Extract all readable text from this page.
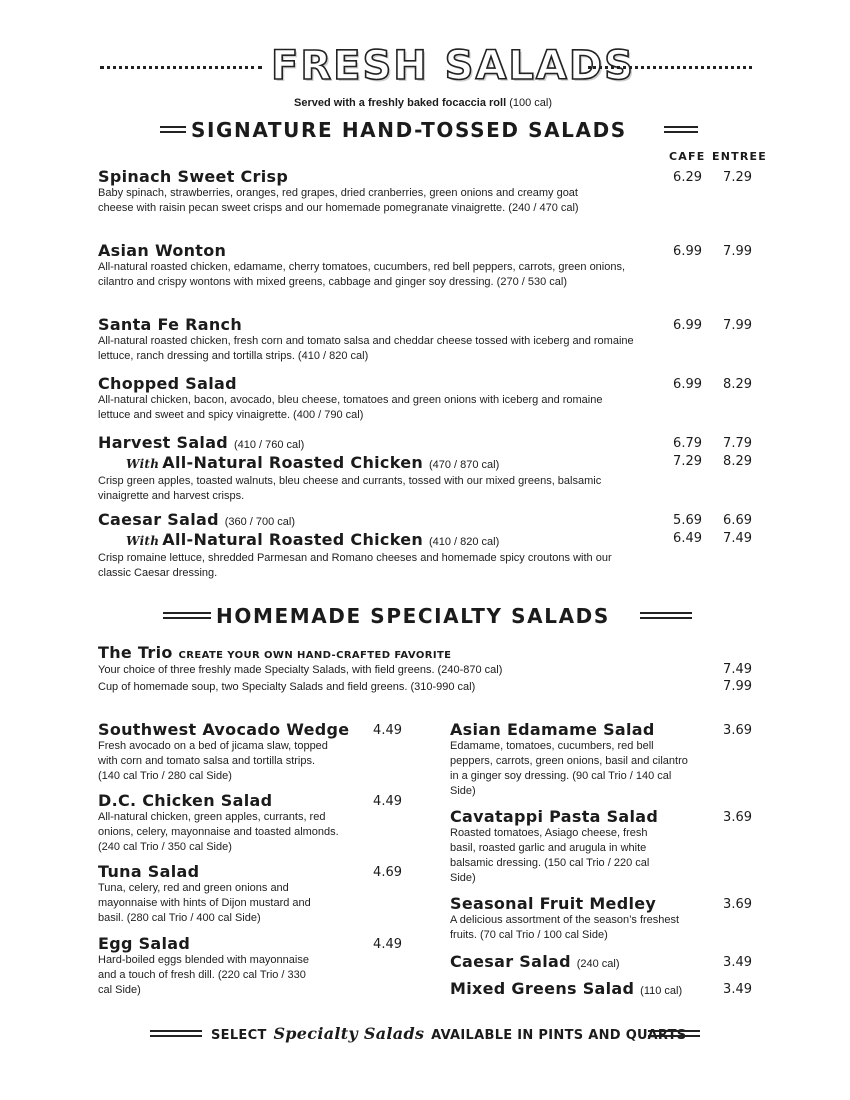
FRESH SALADS
Served with a freshly baked focaccia roll (100 cal)
SIGNATURE HAND-TOSSED SALADS
CAFE ENTREE
Spinach Sweet Crisp
Baby spinach, strawberries, oranges, red grapes, dried cranberries, green onions and creamy goat cheese with raisin pecan sweet crisps and our homemade pomegranate vinaigrette. (240 / 470 cal)
6.29	7.29
Asian Wonton
All-natural roasted chicken, edamame, cherry tomatoes, cucumbers, red bell peppers, carrots, green onions, cilantro and crispy wontons with mixed greens, cabbage and ginger soy dressing. (270 / 530 cal)
6.99	7.99
Santa Fe Ranch
All-natural roasted chicken, fresh corn and tomato salsa and cheddar cheese tossed with iceberg and romaine lettuce, ranch dressing and tortilla strips. (410 / 820 cal)
6.99	7.99
Chopped Salad
All-natural chicken, bacon, avocado, bleu cheese, tomatoes and green onions with iceberg and romaine lettuce and sweet and spicy vinaigrette. (400 / 790 cal)
6.99	8.29
Harvest Salad (410 / 760 cal)
With All-Natural Roasted Chicken (470 / 870 cal)
Crisp green apples, toasted walnuts, bleu cheese and currants, tossed with our mixed greens, balsamic vinaigrette and harvest crisps.
6.79	7.79
7.29	8.29
Caesar Salad (360 / 700 cal)
With All-Natural Roasted Chicken (410 / 820 cal)
Crisp romaine lettuce, shredded Parmesan and Romano cheeses and homemade spicy croutons with our classic Caesar dressing.
5.69	6.69
6.49	7.49
HOMEMADE SPECIALTY SALADS
The Trio CREATE YOUR OWN HAND-CRAFTED FAVORITE
Your choice of three freshly made Specialty Salads, with field greens. (240-870 cal)	7.49
Cup of homemade soup, two Specialty Salads and field greens. (310-990 cal)	7.99
Southwest Avocado Wedge
Fresh avocado on a bed of jicama slaw, topped with corn and tomato salsa and tortilla strips. (140 cal Trio / 280 cal Side)
4.49
D.C. Chicken Salad
All-natural chicken, green apples, currants, red onions, celery, mayonnaise and toasted almonds. (240 cal Trio / 350 cal Side)
4.49
Tuna Salad
Tuna, celery, red and green onions and mayonnaise with hints of Dijon mustard and basil. (280 cal Trio / 400 cal Side)
4.69
Egg Salad
Hard-boiled eggs blended with mayonnaise and a touch of fresh dill. (220 cal Trio / 330 cal Side)
4.49
Asian Edamame Salad
Edamame, tomatoes, cucumbers, red bell peppers, carrots, green onions, basil and cilantro in a ginger soy dressing. (90 cal Trio / 140 cal Side)
3.69
Cavatappi Pasta Salad
Roasted tomatoes, Asiago cheese, fresh basil, roasted garlic and arugula in white balsamic dressing. (150 cal Trio / 220 cal Side)
3.69
Seasonal Fruit Medley
A delicious assortment of the season’s freshest fruits. (70 cal Trio / 100 cal Side)
3.69
Caesar Salad (240 cal)	3.49
Mixed Greens Salad (110 cal)	3.49
SELECT Specialty Salads AVAILABLE IN PINTS AND QUARTS
